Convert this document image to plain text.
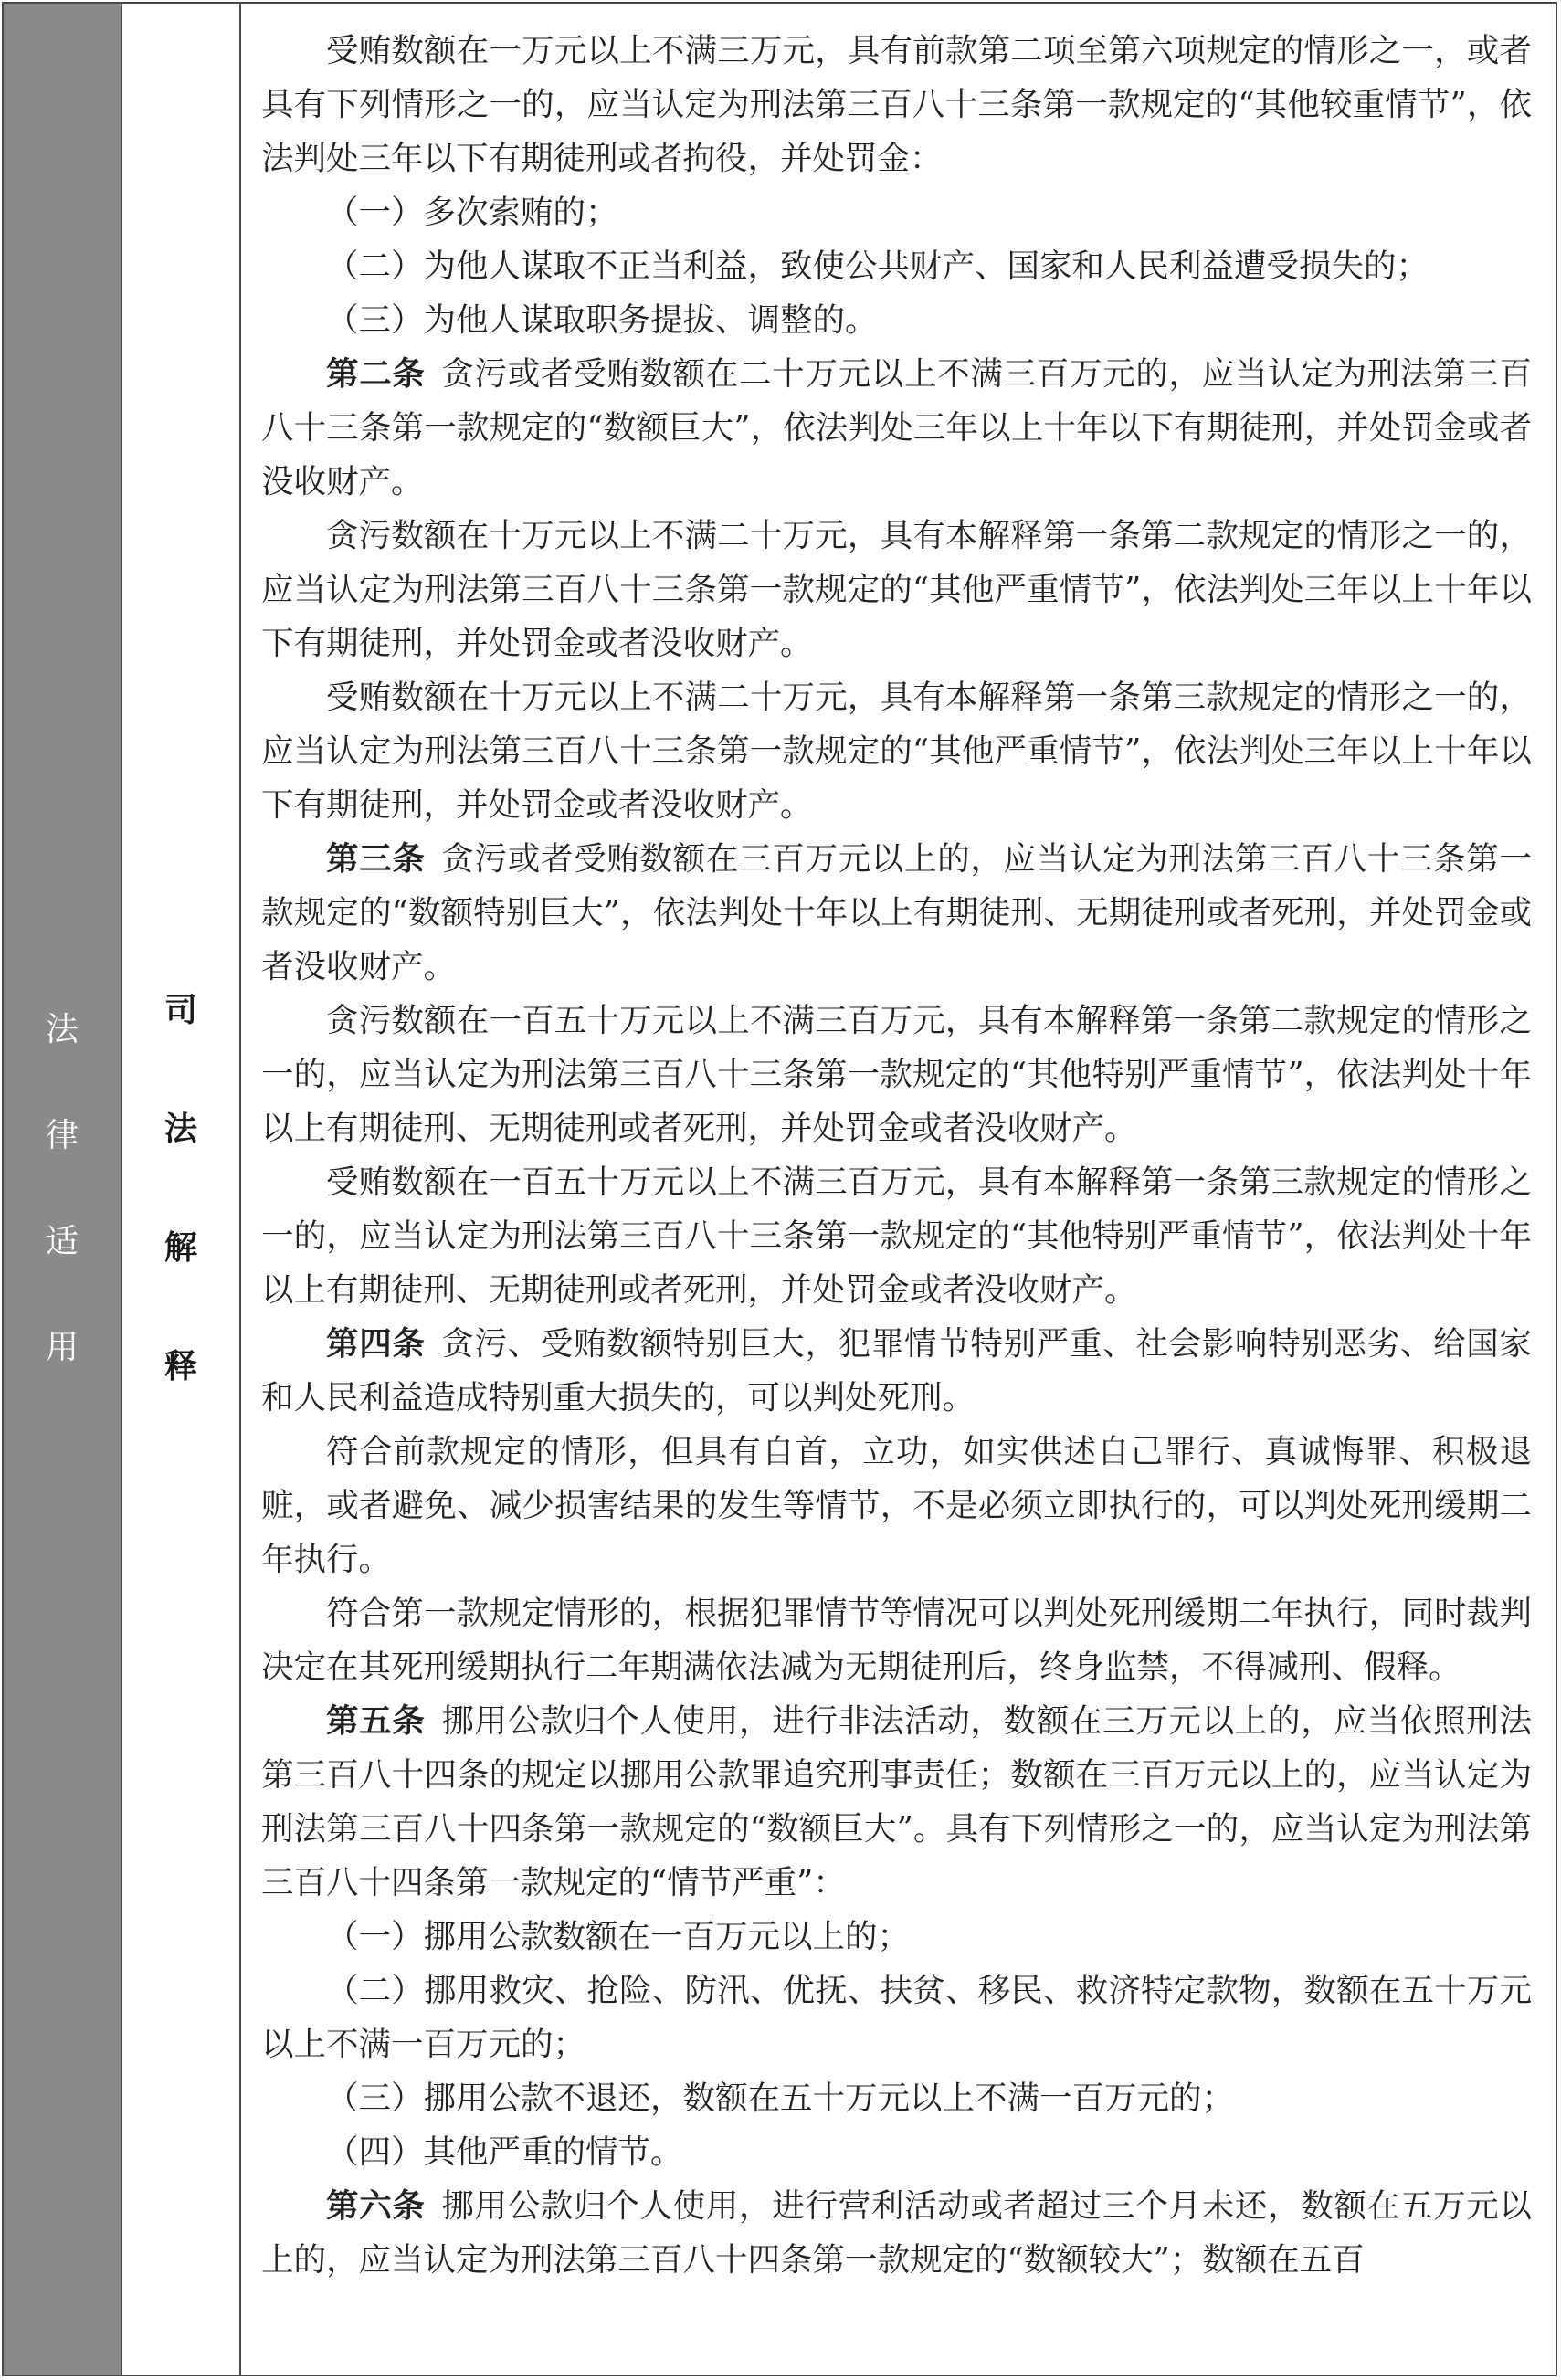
法
律
适
用
司
法
解
释

受贿数额在一万元以上不满三万元，具有前款第二项至第六项规定的情形之一，或者具有下列情形之一的，应当认定为刑法第三百八十三条第一款规定的“其他较重情节”，依法判处三年以下有期徒刑或者拘役，并处罚金：

（一）多次索贿的；

（二）为他人谋取不正当利益，致使公共财产、国家和人民利益遭受损失的；

（三）为他人谋取职务提拔、调整的。

第二条 贪污或者受贿数额在二十万元以上不满三百万元的，应当认定为刑法第三百八十三条第一款规定的“数额巨大”，依法判处三年以上十年以下有期徒刑，并处罚金或者没收财产。

贪污数额在十万元以上不满二十万元，具有本解释第一条第二款规定的情形之一的，应当认定为刑法第三百八十三条第一款规定的“其他严重情节”，依法判处三年以上十年以下有期徒刑，并处罚金或者没收财产。

受贿数额在十万元以上不满二十万元，具有本解释第一条第三款规定的情形之一的，应当认定为刑法第三百八十三条第一款规定的“其他严重情节”，依法判处三年以上十年以下有期徒刑，并处罚金或者没收财产。

第三条 贪污或者受贿数额在三百万元以上的，应当认定为刑法第三百八十三条第一款规定的“数额特别巨大”，依法判处十年以上有期徒刑、无期徒刑或者死刑，并处罚金或者没收财产。

贪污数额在一百五十万元以上不满三百万元，具有本解释第一条第二款规定的情形之一的，应当认定为刑法第三百八十三条第一款规定的“其他特别严重情节”，依法判处十年以上有期徒刑、无期徒刑或者死刑，并处罚金或者没收财产。

受贿数额在一百五十万元以上不满三百万元，具有本解释第一条第三款规定的情形之一的，应当认定为刑法第三百八十三条第一款规定的“其他特别严重情节”，依法判处十年以上有期徒刑、无期徒刑或者死刑，并处罚金或者没收财产。

第四条 贪污、受贿数额特别巨大，犯罪情节特别严重、社会影响特别恶劣、给国家和人民利益造成特别重大损失的，可以判处死刑。

符合前款规定的情形，但具有自首，立功，如实供述自己罪行、真诚悔罪、积极退赃，或者避免、减少损害结果的发生等情节，不是必须立即执行的，可以判处死刑缓期二年执行。

符合第一款规定情形的，根据犯罪情节等情况可以判处死刑缓期二年执行，同时裁判决定在其死刑缓期执行二年期满依法减为无期徒刑后，终身监禁，不得减刑、假释。

第五条 挪用公款归个人使用，进行非法活动，数额在三万元以上的，应当依照刑法第三百八十四条的规定以挪用公款罪追究刑事责任；数额在三百万元以上的，应当认定为刑法第三百八十四条第一款规定的“数额巨大”。具有下列情形之一的，应当认定为刑法第三百八十四条第一款规定的“情节严重”：

（一）挪用公款数额在一百万元以上的；

（二）挪用救灾、抢险、防汛、优抚、扶贫、移民、救济特定款物，数额在五十万元以上不满一百万元的；

（三）挪用公款不退还，数额在五十万元以上不满一百万元的；

（四）其他严重的情节。

第六条 挪用公款归个人使用，进行营利活动或者超过三个月未还，数额在五万元以上的，应当认定为刑法第三百八十四条第一款规定的“数额较大”；数额在五百
